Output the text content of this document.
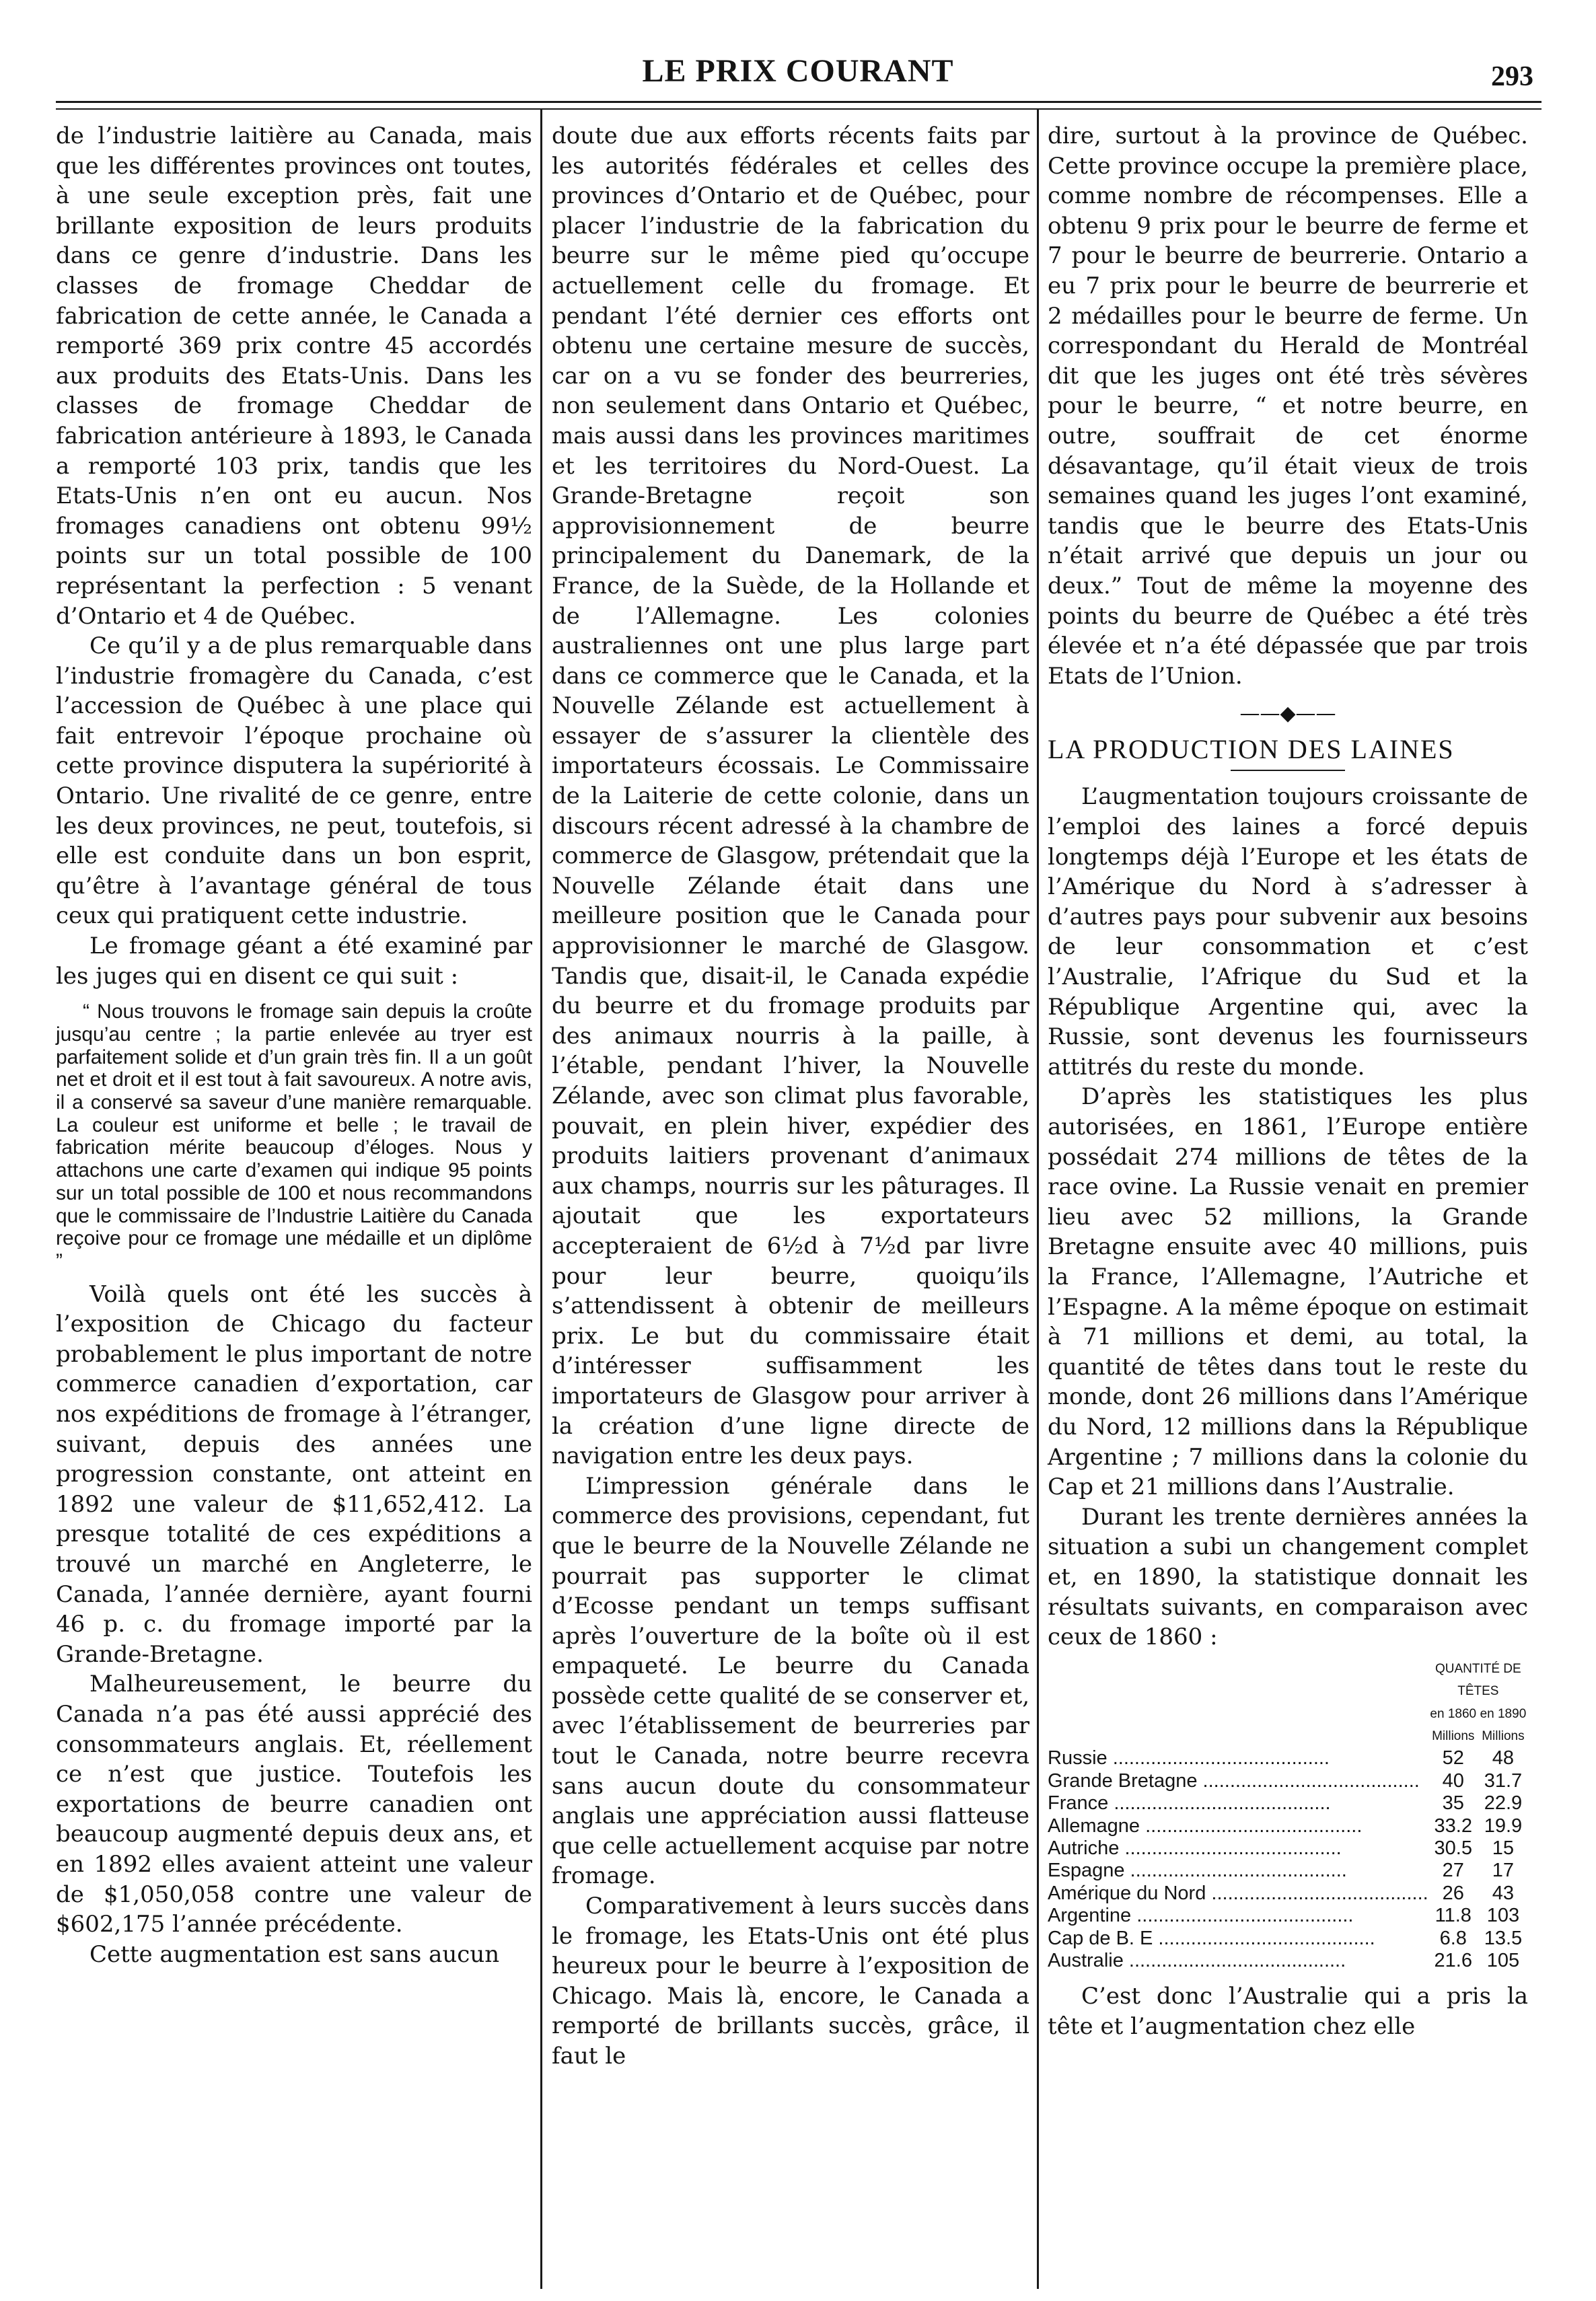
LE PRIX COURANT	293

de l’industrie laitière au Canada, mais que les différentes provinces ont toutes, à une seule exception près, fait une brillante exposition de leurs produits dans ce genre d’industrie. Dans les classes de fromage Cheddar de fabrication de cette année, le Canada a remporté 369 prix contre 45 accordés aux produits des Etats-Unis. Dans les classes de fromage Cheddar de fabrication antérieure à 1893, le Canada a remporté 103 prix, tandis que les Etats-Unis n’en ont eu aucun. Nos fromages canadiens ont obtenu 99½ points sur un total possible de 100 représentant la perfection : 5 venant d’Ontario et 4 de Québec.

Ce qu’il y a de plus remarquable dans l’industrie fromagère du Canada, c’est l’accession de Québec à une place qui fait entrevoir l’époque prochaine où cette province disputera la supériorité à Ontario. Une rivalité de ce genre, entre les deux provinces, ne peut, toutefois, si elle est conduite dans un bon esprit, qu’être à l’avantage général de tous ceux qui pratiquent cette industrie.

Le fromage géant a été examiné par les juges qui en disent ce qui suit :

“ Nous trouvons le fromage sain depuis la croûte jusqu’au centre ; la partie enlevée au tryer est parfaitement solide et d’un grain très fin. Il a un goût net et droit et il est tout à fait savoureux. A notre avis, il a conservé sa saveur d’une manière remarquable. La couleur est uniforme et belle ; le travail de fabrication mérite beaucoup d’éloges. Nous y attachons une carte d’examen qui indique 95 points sur un total possible de 100 et nous recommandons que le commissaire de l’Industrie Laitière du Canada reçoive pour ce fromage une médaille et un diplôme ”

Voilà quels ont été les succès à l’exposition de Chicago du facteur probablement le plus important de notre commerce canadien d’exportation, car nos expéditions de fromage à l’étranger, suivant, depuis des années une progression constante, ont atteint en 1892 une valeur de $11,652,412. La presque totalité de ces expéditions a trouvé un marché en Angleterre, le Canada, l’année dernière, ayant fourni 46 p. c. du fromage importé par la Grande-Bretagne.

Malheureusement, le beurre du Canada n’a pas été aussi apprécié des consommateurs anglais. Et, réellement ce n’est que justice. Toutefois les exportations de beurre canadien ont beaucoup augmenté depuis deux ans, et en 1892 elles avaient atteint une valeur de $1,050,058 contre une valeur de $602,175 l’année précédente.

Cette augmentation est sans aucun

doute due aux efforts récents faits par les autorités fédérales et celles des provinces d’Ontario et de Québec, pour placer l’industrie de la fabrication du beurre sur le même pied qu’occupe actuellement celle du fromage. Et pendant l’été dernier ces efforts ont obtenu une certaine mesure de succès, car on a vu se fonder des beurreries, non seulement dans Ontario et Québec, mais aussi dans les provinces maritimes et les territoires du Nord-Ouest. La Grande-Bretagne reçoit son approvisionnement de beurre principalement du Danemark, de la France, de la Suède, de la Hollande et de l’Allemagne. Les colonies australiennes ont une plus large part dans ce commerce que le Canada, et la Nouvelle Zélande est actuellement à essayer de s’assurer la clientèle des importateurs écossais. Le Commissaire de la Laiterie de cette colonie, dans un discours récent adressé à la chambre de commerce de Glasgow, prétendait que la Nouvelle Zélande était dans une meilleure position que le Canada pour approvisionner le marché de Glasgow. Tandis que, disait-il, le Canada expédie du beurre et du fromage produits par des animaux nourris à la paille, à l’étable, pendant l’hiver, la Nouvelle Zélande, avec son climat plus favorable, pouvait, en plein hiver, expédier des produits laitiers provenant d’animaux aux champs, nourris sur les pâturages. Il ajoutait que les exportateurs accepteraient de 6½d à 7½d par livre pour leur beurre, quoiqu’ils s’attendissent à obtenir de meilleurs prix. Le but du commissaire était d’intéresser suffisamment les importateurs de Glasgow pour arriver à la création d’une ligne directe de navigation entre les deux pays.

L’impression générale dans le commerce des provisions, cependant, fut que le beurre de la Nouvelle Zélande ne pourrait pas supporter le climat d’Ecosse pendant un temps suffisant après l’ouverture de la boîte où il est empaqueté. Le beurre du Canada possède cette qualité de se conserver et, avec l’établissement de beurreries par tout le Canada, notre beurre recevra sans aucun doute du consommateur anglais une appréciation aussi flatteuse que celle actuellement acquise par notre fromage.

Comparativement à leurs succès dans le fromage, les Etats-Unis ont été plus heureux pour le beurre à l’exposition de Chicago. Mais là, encore, le Canada a remporté de brillants succès, grâce, il faut le

dire, surtout à la province de Québec. Cette province occupe la première place, comme nombre de récompenses. Elle a obtenu 9 prix pour le beurre de ferme et 7 pour le beurre de beurrerie. Ontario a eu 7 prix pour le beurre de beurrerie et 2 médailles pour le beurre de ferme. Un correspondant du Herald de Montréal dit que les juges ont été très sévères pour le beurre, “ et notre beurre, en outre, souffrait de cet énorme désavantage, qu’il était vieux de trois semaines quand les juges l’ont examiné, tandis que le beurre des Etats-Unis n’était arrivé que depuis un jour ou deux.” Tout de même la moyenne des points du beurre de Québec a été très élevée et n’a été dépassée que par trois Etats de l’Union.

——◆——
LA PRODUCTION DES LAINES

L’augmentation toujours croissante de l’emploi des laines a forcé depuis longtemps déjà l’Europe et les états de l’Amérique du Nord à s’adresser à d’autres pays pour subvenir aux besoins de leur consommation et c’est l’Australie, l’Afrique du Sud et la République Argentine qui, avec la Russie, sont devenus les fournisseurs attitrés du reste du monde.

D’après les statistiques les plus autorisées, en 1861, l’Europe entière possédait 274 millions de têtes de la race ovine. La Russie venait en premier lieu avec 52 millions, la Grande Bretagne ensuite avec 40 millions, puis la France, l’Allemagne, l’Autriche et l’Espagne. A la même époque on estimait à 71 millions et demi, au total, la quantité de têtes dans tout le reste du monde, dont 26 millions dans l’Amérique du Nord, 12 millions dans la République Argentine ; 7 millions dans la colonie du Cap et 21 millions dans l’Australie.

Durant les trente dernières années la situation a subi un changement complet et, en 1890, la statistique donnait les résultats suivants, en comparaison avec ceux de 1860 :

	QUANTITÉ DE TÊTES	
	en 1860	en 1890
	Millions	Millions
Russie ........................................	52	48
Grande Bretagne ........................................	40	31.7
France ........................................	35	22.9
Allemagne ........................................	33.2	19.9
Autriche ........................................	30.5	15
Espagne ........................................	27	17
Amérique du Nord ........................................	26	43
Argentine ........................................	11.8	103
Cap de B. E ........................................	6.8	13.5
Australie ........................................	21.6	105

C’est donc l’Australie qui a pris la tête et l’augmentation chez elle
